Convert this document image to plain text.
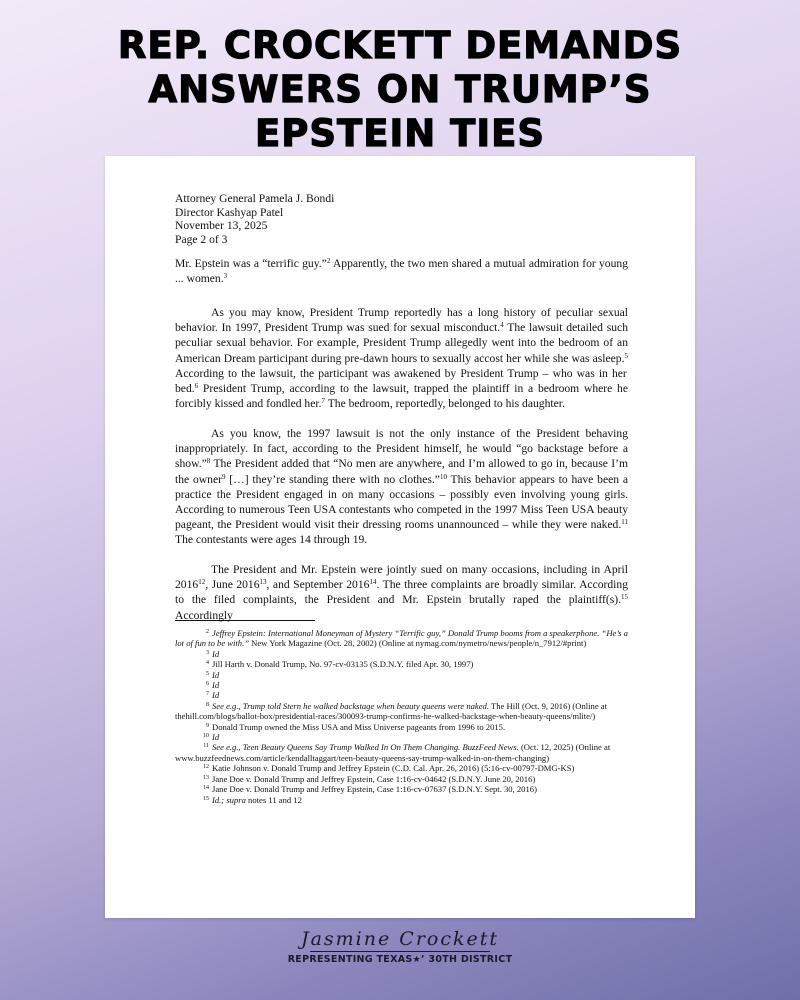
REP. CROCKETT DEMANDS
ANSWERS ON TRUMP’S
EPSTEIN TIES
Attorney General Pamela J. Bondi
Director Kashyap Patel
November 13, 2025
Page 2 of 3

Mr. Epstein was a “terrific guy.”$^2$ Apparently, the two men shared a mutual admiration for young ... women.$^3$

As you may know, President Trump reportedly has a long history of peculiar sexual behavior. In 1997, President Trump was sued for sexual misconduct.$^4$ The lawsuit detailed such peculiar sexual behavior. For example, President Trump allegedly went into the bedroom of an American Dream participant during pre-dawn hours to sexually accost her while she was asleep.$^5$ According to the lawsuit, the participant was awakened by President Trump – who was in her bed.$^6$ President Trump, according to the lawsuit, trapped the plaintiff in a bedroom where he forcibly kissed and fondled her.$^7$ The bedroom, reportedly, belonged to his daughter.

As you know, the 1997 lawsuit is not the only instance of the President behaving inappropriately. In fact, according to the President himself, he would “go backstage before a show.”$^8$ The President added that “No men are anywhere, and I’m allowed to go in, because I’m the owner$^9$ […] they’re standing there with no clothes.”$^{10}$ This behavior appears to have been a practice the President engaged in on many occasions – possibly even involving young girls. According to numerous Teen USA contestants who competed in the 1997 Miss Teen USA beauty pageant, the President would visit their dressing rooms unannounced – while they were naked.$^{11}$ The contestants were ages 14 through 19.

The President and Mr. Epstein were jointly sued on many occasions, including in April 2016$^{12}$, June 2016$^{13}$, and September 2016$^{14}$. The three complaints are broadly similar. According to the filed complaints, the President and Mr. Epstein brutally raped the plaintiff(s).$^{15}$ Accordingly

$^2$ Jeffrey Epstein: International Moneyman of Mystery “Terrific guy,” Donald Trump booms from a speakerphone. “He’s a lot of fun to be with.” New York Magazine (Oct. 28, 2002) (Online at nymag.com/nymetro/news/people/n_7912/#print)

$^3$ Id

$^4$ Jill Harth v. Donald Trump, No. 97-cv-03135 (S.D.N.Y. filed Apr. 30, 1997)

$^5$ Id

$^6$ Id

$^7$ Id

$^8$ See e.g., Trump told Stern he walked backstage when beauty queens were naked. The Hill (Oct. 9, 2016) (Online at thehill.com/blogs/ballot-box/presidential-races/300093-trump-confirms-he-walked-backstage-when-beauty-queens/mlite/)

$^9$ Donald Trump owned the Miss USA and Miss Universe pageants from 1996 to 2015.

$^{10}$ Id

$^{11}$ See e.g., Teen Beauty Queens Say Trump Walked In On Them Changing. BuzzFeed News. (Oct. 12, 2025) (Online at www.buzzfeednews.com/article/kendalltaggart/teen-beauty-queens-say-trump-walked-in-on-them-changing)

$^{12}$ Katie Johnson v. Donald Trump and Jeffrey Epstein (C.D. Cal. Apr. 26, 2016) (5:16-cv-00797-DMG-KS)

$^{13}$ Jane Doe v. Donald Trump and Jeffrey Epstein, Case 1:16-cv-04642 (S.D.N.Y. June 20, 2016)

$^{14}$ Jane Doe v. Donald Trump and Jeffrey Epstein, Case 1:16-cv-07637 (S.D.N.Y. Sept. 30, 2016)

$^{15}$ Id.; supra notes 11 and 12

Jasmine Crockett
REPRESENTING TEXAS★’ 30TH DISTRICT
